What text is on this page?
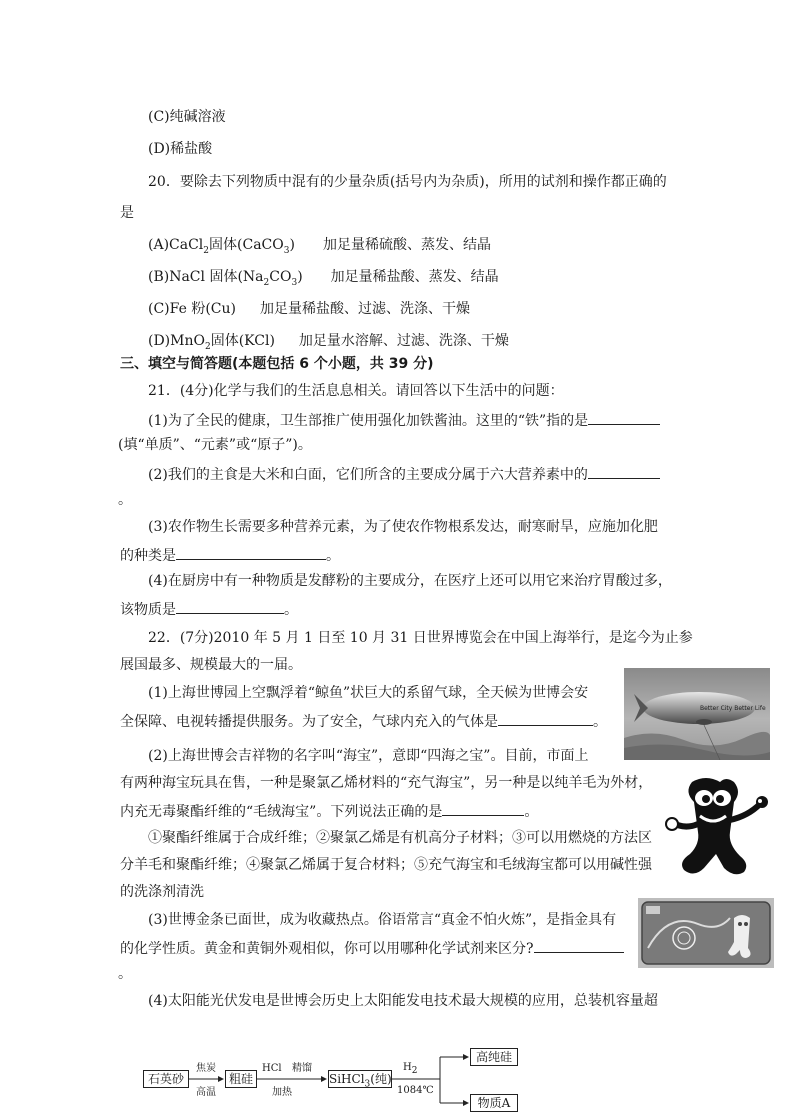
(C)纯碱溶液
(D)稀盐酸
20．要除去下列物质中混有的少量杂质(括号内为杂质)，所用的试剂和操作都正确的
是
(A)CaCl$_2$固体(CaCO$_3$) 加足量稀硫酸、蒸发、结晶
(B)NaCl 固体$(Na_2CO_3)$ 加足量稀盐酸、蒸发、结晶
(C)Fe 粉(Cu) 加足量稀盐酸、过滤、洗涤、干燥
(D)MnO$_2$固体(KCl) 加足量水溶解、过滤、洗涤、干燥
三、填空与简答题(本题包括 6 个小题，共 39 分)
21．(4分)化学与我们的生活息息相关。请回答以下生活中的问题：
(1)为了全民的健康，卫生部推广使用强化加铁酱油。这里的“铁”指的是
(填“单质”、“元素”或“原子”)。
(2)我们的主食是大米和白面，它们所含的主要成分属于六大营养素中的
。
(3)农作物生长需要多种营养元素，为了使农作物根系发达，耐寒耐旱，应施加化肥
的种类是	。
(4)在厨房中有一种物质是发酵粉的主要成分，在医疗上还可以用它来治疗胃酸过多，
该物质是	。
22．(7分)2010 年 5 月 1 日至 10 月 31 日世界博览会在中国上海举行，是迄今为止参
展国最多、规模最大的一届。
(1)上海世博园上空飘浮着“鲸鱼”状巨大的系留气球，全天候为世博会安
全保障、电视转播提供服务。为了安全，气球内充入的气体是	。
(2)上海世博会吉祥物的名字叫“海宝”，意即“四海之宝”。目前，市面上
有两种海宝玩具在售，一种是聚氯乙烯材料的“充气海宝”，另一种是以纯羊毛为外材，
内充无毒聚酯纤维的“毛绒海宝”。下列说法正确的是	。
①聚酯纤维属于合成纤维；②聚氯乙烯是有机高分子材料；③可以用燃烧的方法区
分羊毛和聚酯纤维；④聚氯乙烯属于复合材料；⑤充气海宝和毛绒海宝都可以用碱性强
的洗涤剂清洗
(3)世博金条已面世，成为收藏热点。俗语常言“真金不怕火炼”，是指金具有
的化学性质。黄金和黄铜外观相似，你可以用哪种化学试剂来区分?
。
(4)太阳能光伏发电是世博会历史上太阳能发电技术最大规模的应用，总装机容量超
Better City Better Life
石英砂
焦炭
高温
粗硅
HCl 精馏
加热
SiHCl$_3$(纯)
$H_2$
1084℃
高纯硅
物质A
